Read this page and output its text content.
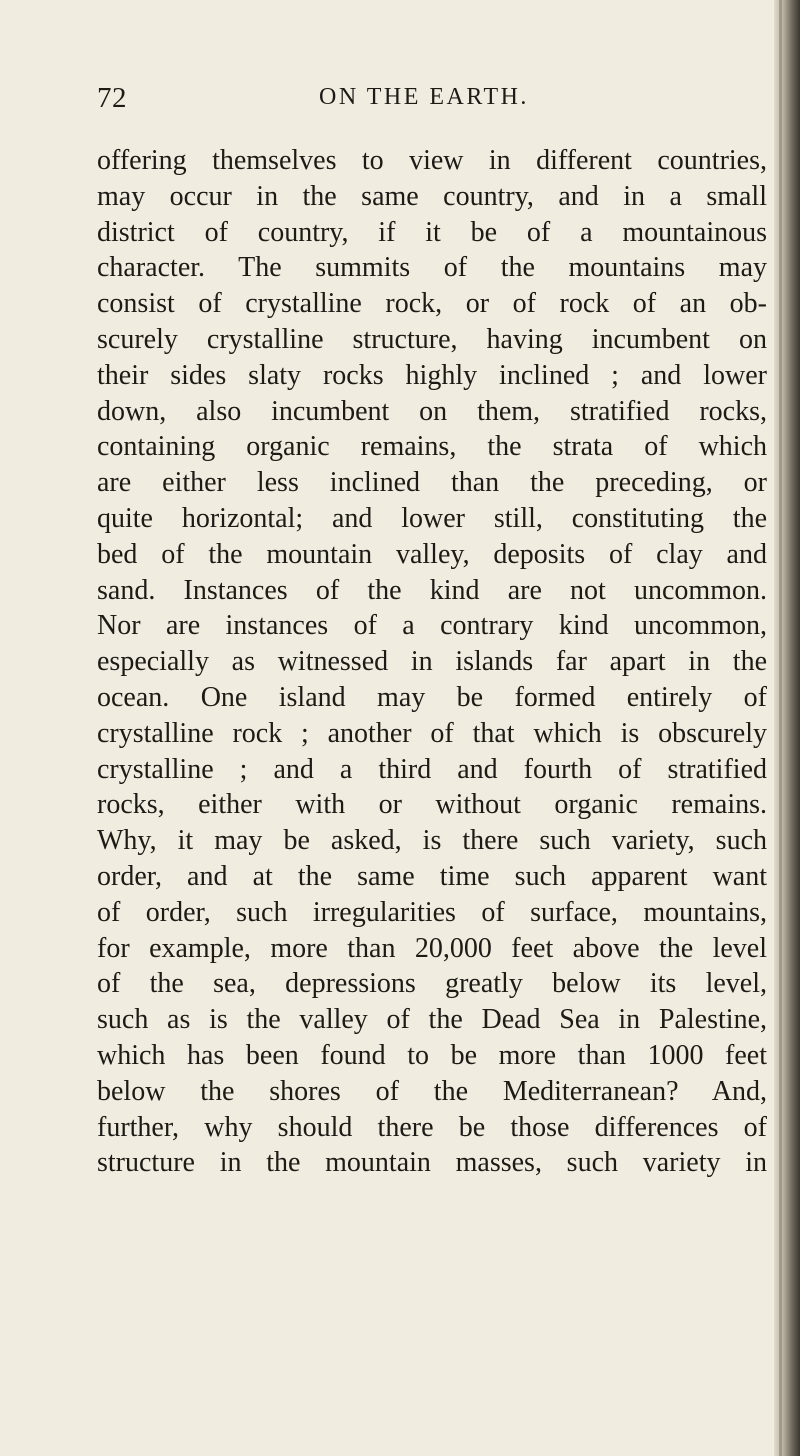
72	ON THE EARTH.
offering themselves to view in different countries,
may occur in the same country, and in a small
district of country, if it be of a mountainous
character. The summits of the mountains may
consist of crystalline rock, or of rock of an ob-
scurely crystalline structure, having incumbent on
their sides slaty rocks highly inclined ; and lower
down, also incumbent on them, stratified rocks,
containing organic remains, the strata of which
are either less inclined than the preceding, or
quite horizontal; and lower still, constituting the
bed of the mountain valley, deposits of clay and
sand. Instances of the kind are not uncommon.
Nor are instances of a contrary kind uncommon,
especially as witnessed in islands far apart in the
ocean. One island may be formed entirely of
crystalline rock ; another of that which is obscurely
crystalline ; and a third and fourth of stratified
rocks, either with or without organic remains.
Why, it may be asked, is there such variety, such
order, and at the same time such apparent want
of order, such irregularities of surface, mountains,
for example, more than 20,000 feet above the level
of the sea, depressions greatly below its level,
such as is the valley of the Dead Sea in Palestine,
which has been found to be more than 1000 feet
below the shores of the Mediterranean? And,
further, why should there be those differences of
structure in the mountain masses, such variety in
